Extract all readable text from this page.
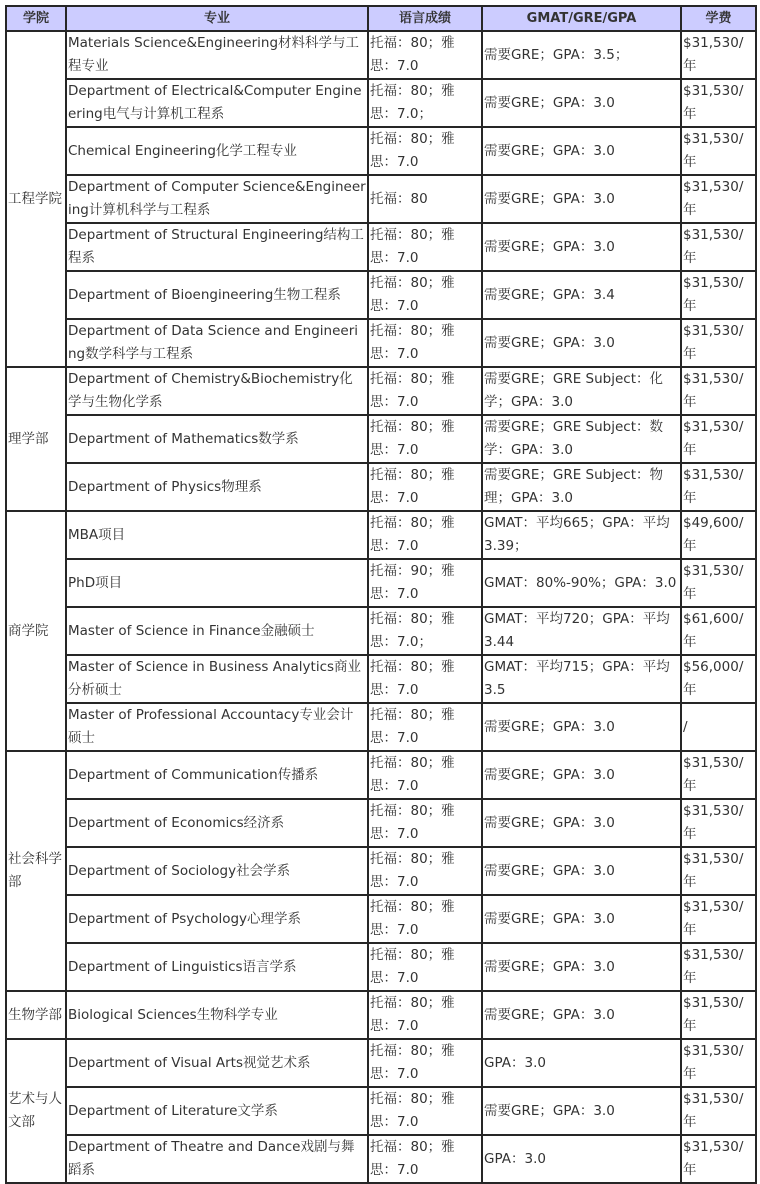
学院	专业	语言成绩	GMAT/GRE/GPA	学费
工程学院	Materials Science&Engineering材料科学与工程专业	托福：80；雅思：7.0	需要GRE；GPA：3.5；	$31,530/年
	Department of Electrical&Computer Engineering电气与计算机工程系	托福：80；雅思：7.0；	需要GRE；GPA：3.0	$31,530/年
	Chemical Engineering化学工程专业	托福：80；雅思：7.0	需要GRE；GPA：3.0	$31,530/年
	Department of Computer Science&Engineering计算机科学与工程系	托福：80	需要GRE；GPA：3.0	$31,530/年
	Department of Structural Engineering结构工程系	托福：80；雅思：7.0	需要GRE；GPA：3.0	$31,530/年
	Department of Bioengineering生物工程系	托福：80；雅思：7.0	需要GRE；GPA：3.4	$31,530/年
	Department of Data Science and Engineering数学科学与工程系	托福：80；雅思：7.0	需要GRE；GPA：3.0	$31,530/年
理学部	Department of Chemistry&Biochemistry化学与生物化学系	托福：80；雅思：7.0	需要GRE；GRE Subject：化学；GPA：3.0	$31,530/年
	Department of Mathematics数学系	托福：80；雅思：7.0	需要GRE；GRE Subject：数学：GPA：3.0	$31,530/年
	Department of Physics物理系	托福：80；雅思：7.0	需要GRE；GRE Subject：物理；GPA：3.0	$31,530/年
商学院	MBA项目	托福：80；雅思：7.0	GMAT：平均665；GPA：平均3.39；	$49,600/年
	PhD项目	托福：90；雅思：7.0	GMAT：80%-90%；GPA：3.0	$31,530/年
	Master of Science in Finance金融硕士	托福：80；雅思：7.0；	GMAT：平均720；GPA：平均3.44	$61,600/年
	Master of Science in Business Analytics商业分析硕士	托福：80；雅思：7.0	GMAT：平均715；GPA：平均3.5	$56,000/年
	Master of Professional Accountacy专业会计硕士	托福：80；雅思：7.0	需要GRE；GPA：3.0	/
社会科学部	Department of Communication传播系	托福：80；雅思：7.0	需要GRE；GPA：3.0	$31,530/年
	Department of Economics经济系	托福：80；雅思：7.0	需要GRE；GPA：3.0	$31,530/年
	Department of Sociology社会学系	托福：80；雅思：7.0	需要GRE；GPA：3.0	$31,530/年
	Department of Psychology心理学系	托福：80；雅思：7.0	需要GRE；GPA：3.0	$31,530/年
	Department of Linguistics语言学系	托福：80；雅思：7.0	需要GRE；GPA：3.0	$31,530/年
生物学部	Biological Sciences生物科学专业	托福：80；雅思：7.0	需要GRE；GPA：3.0	$31,530/年
艺术与人文部	Department of Visual Arts视觉艺术系	托福：80；雅思：7.0	GPA：3.0	$31,530/年
	Department of Literature文学系	托福：80；雅思：7.0	需要GRE；GPA：3.0	$31,530/年
	Department of Theatre and Dance戏剧与舞蹈系	托福：80；雅思：7.0	GPA：3.0	$31,530/年
